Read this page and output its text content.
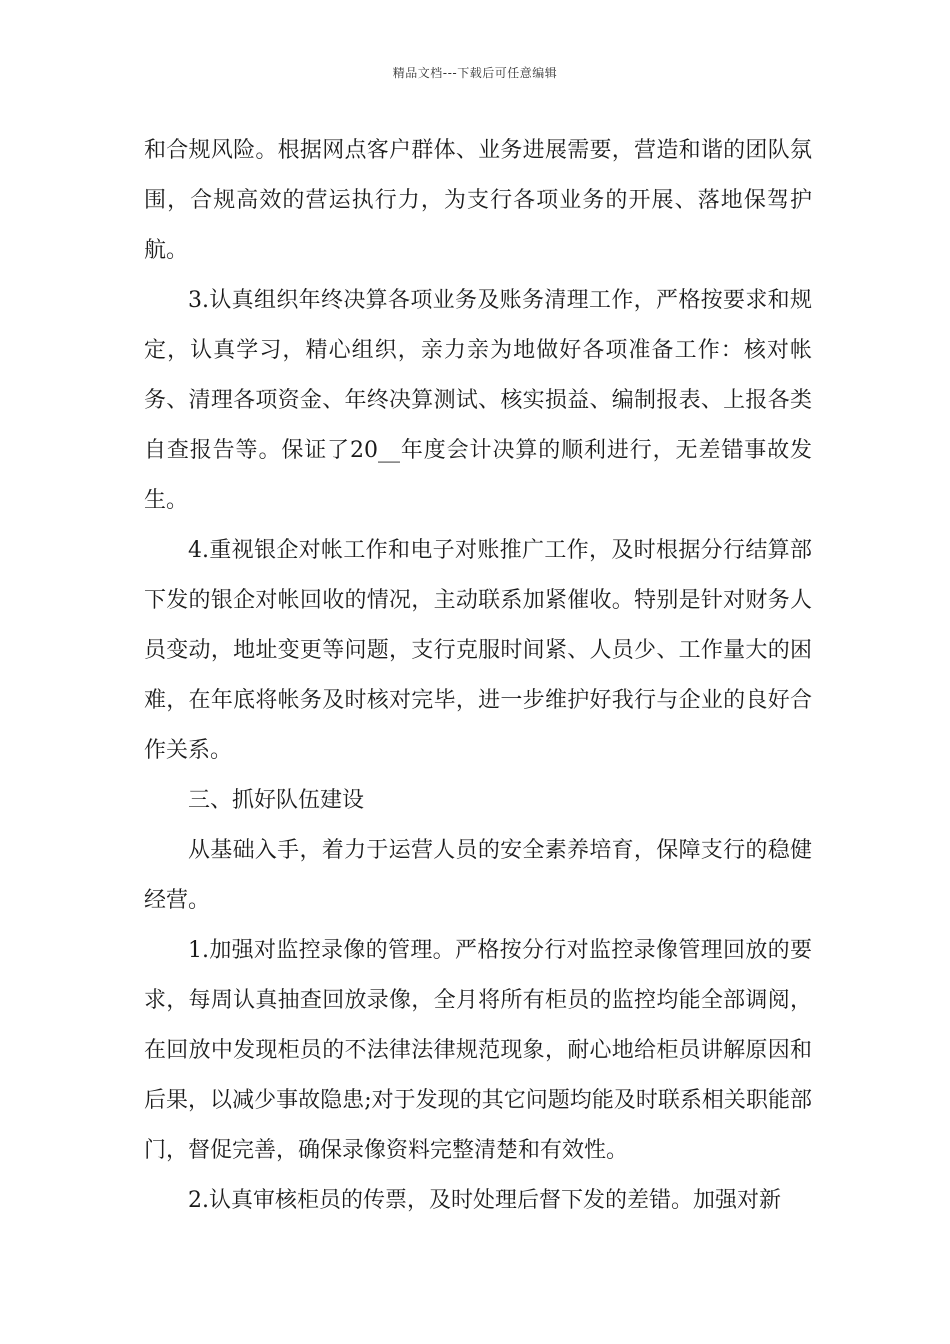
精品文档---下载后可任意编辑

和合规风险。根据网点客户群体、业务进展需要，营造和谐的团队氛围，合规高效的营运执行力，为支行各项业务的开展、落地保驾护航。

3.认真组织年终决算各项业务及账务清理工作，严格按要求和规定，认真学习，精心组织，亲力亲为地做好各项准备工作：核对帐务、清理各项资金、年终决算测试、核实损益、编制报表、上报各类自查报告等。保证了20__年度会计决算的顺利进行，无差错事故发生。

4.重视银企对帐工作和电子对账推广工作，及时根据分行结算部下发的银企对帐回收的情况，主动联系加紧催收。特别是针对财务人员变动，地址变更等问题，支行克服时间紧、人员少、工作量大的困难，在年底将帐务及时核对完毕，进一步维护好我行与企业的良好合作关系。

三、抓好队伍建设

从基础入手，着力于运营人员的安全素养培育，保障支行的稳健经营。

1.加强对监控录像的管理。严格按分行对监控录像管理回放的要求，每周认真抽查回放录像，全月将所有柜员的监控均能全部调阅，在回放中发现柜员的不法律法律规范现象，耐心地给柜员讲解原因和后果，以减少事故隐患;对于发现的其它问题均能及时联系相关职能部门，督促完善，确保录像资料完整清楚和有效性。

2.认真审核柜员的传票，及时处理后督下发的差错。加强对新
